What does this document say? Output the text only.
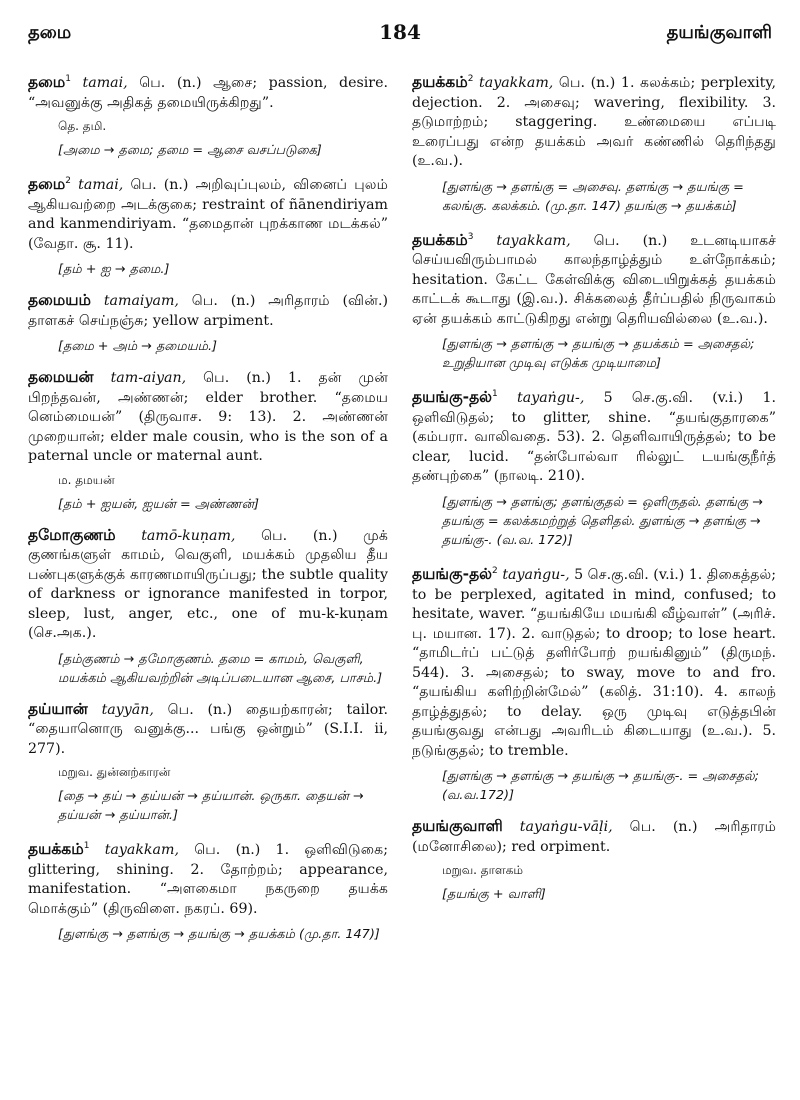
தமை	184	தயங்குவாளி
தமை$^1$ tamai, பெ. (n.) ஆசை; passion, desire. “அவனுக்கு அதிகத் தமையிருக்கிறது”.
தெ. தமி.
[அமை → தமை; தமை = ஆசை வசப்படுகை]
தமை$^2$ tamai, பெ. (n.) அறிவுப்புலம், வினைப் புலம் ஆகியவற்றை அடக்குகை; restraint of ñānendiriyam and kanmendiriyam. “தமைதான் புறக்காண மடக்கல்” (வேதா. சூ. 11).
[தம் + ஐ → தமை.]
தமையம் tamaiyam, பெ. (n.) அரிதாரம் (வின்.) தாளகச் செய்நஞ்சு; yellow arpiment.
[தமை + அம் → தமையம்.]
தமையன் tam-aiyan, பெ. (n.) 1. தன் முன் பிறந்தவன், அண்ணன்; elder brother. “தமைய னெம்மையன்” (திருவாச. 9: 13). 2. அண்ணன் முறையான்; elder male cousin, who is the son of a paternal uncle or maternal aunt.
ம. தமயன்
[தம் + ஐயன், ஐயன் = அண்ணன்]
தமோகுணம் tamō-kuṇam, பெ. (n.) முக் குணங்களுள் காமம், வெகுளி, மயக்கம் முதலிய தீய பண்புகளுக்குக் காரணமாயிருப்பது; the subtle quality of darkness or ignorance manifested in torpor, sleep, lust, anger, etc., one of mu-k-kuṇam (செ.அக.).
[தம்குணம் → தமோகுணம். தமை = காமம், வெகுளி, மயக்கம் ஆகியவற்றின் அடிப்படையான ஆசை, பாசம்.]
தய்யான் tayyān, பெ. (n.) தையற்காரன்; tailor. “தையானொரு வனுக்கு... பங்கு ஒன்றும்” (S.I.I. ii, 277).
மறுவ. துன்னற்காரன்
[தை → தய் → தய்யன் → தய்யான். ஒருகா. தையன் → தய்யன் → தய்யான்.]
தயக்கம்$^1$ tayakkam, பெ. (n.) 1. ஒளிவிடுகை; glittering, shining. 2. தோற்றம்; appearance, manifestation. “அளகைமா நகருறை தயக்க மொக்கும்” (திருவிளை. நகரப். 69).
[துளங்கு → தளங்கு → தயங்கு → தயக்கம் (மு.தா. 147)]
தயக்கம்$^2$ tayakkam, பெ. (n.) 1. கலக்கம்; perplexity, dejection. 2. அசைவு; wavering, flexibility. 3. தடுமாற்றம்; staggering. உண்மையை எப்படி உரைப்பது என்ற தயக்கம் அவர் கண்ணில் தெரிந்தது (உ.வ.).
[துளங்கு → தளங்கு = அசைவு. தளங்கு → தயங்கு = கலங்கு. கலக்கம். (மு.தா. 147) தயங்கு → தயக்கம்]
தயக்கம்$^3$ tayakkam, பெ. (n.) உடனடியாகச் செய்யவிரும்பாமல் காலந்தாழ்த்தும் உள்நோக்கம்; hesitation. கேட்ட கேள்விக்கு விடையிறுக்கத் தயக்கம் காட்டக் கூடாது (இ.வ.). சிக்கலைத் தீர்ப்பதில் நிருவாகம் ஏன் தயக்கம் காட்டுகிறது என்று தெரியவில்லை (உ.வ.).
[துளங்கு → தளங்கு → தயங்கு → தயக்கம் = அசைதல்; உறுதியான முடிவு எடுக்க முடியாமை]
தயங்கு-தல்$^1$ tayaṅgu-, 5 செ.கு.வி. (v.i.) 1. ஒளிவிடுதல்; to glitter, shine. “தயங்குதாரகை” (கம்பரா. வாலிவதை. 53). 2. தெளிவாயிருத்தல்; to be clear, lucid. “தன்போல்வா ரில்லுட் டயங்குநீர்த் தண்புற்கை” (நாலடி. 210).
[துளங்கு → தளங்கு; தளங்குதல் = ஒளிருதல். தளங்கு → தயங்கு = கலக்கமற்றுத் தெளிதல். துளங்கு → தளங்கு → தயங்கு-. (வ.வ. 172)]
தயங்கு-தல்$^2$ tayaṅgu-, 5 செ.கு.வி. (v.i.) 1. திகைத்தல்; to be perplexed, agitated in mind, confused; to hesitate, waver. “தயங்கியே மயங்கி வீழ்வாள்” (அரிச். பு. மயான. 17). 2. வாடுதல்; to droop; to lose heart. “தாமிடர்ப் பட்டுத் தளிர்போற் றயங்கினும்” (திருமந். 544). 3. அசைதல்; to sway, move to and fro. “தயங்கிய களிற்றின்மேல்” (கலித். 31:10). 4. காலந் தாழ்த்துதல்; to delay. ஒரு முடிவு எடுத்தபின் தயங்குவது என்பது அவரிடம் கிடையாது (உ.வ.). 5. நடுங்குதல்; to tremble.
[துளங்கு → தளங்கு → தயங்கு → தயங்கு-. = அசைதல்; (வ.வ.172)]
தயங்குவாளி tayaṅgu-vāḷi, பெ. (n.) அரிதாரம் (மனோசிலை); red orpiment.
மறுவ. தாளகம்
[தயங்கு + வாளி]
